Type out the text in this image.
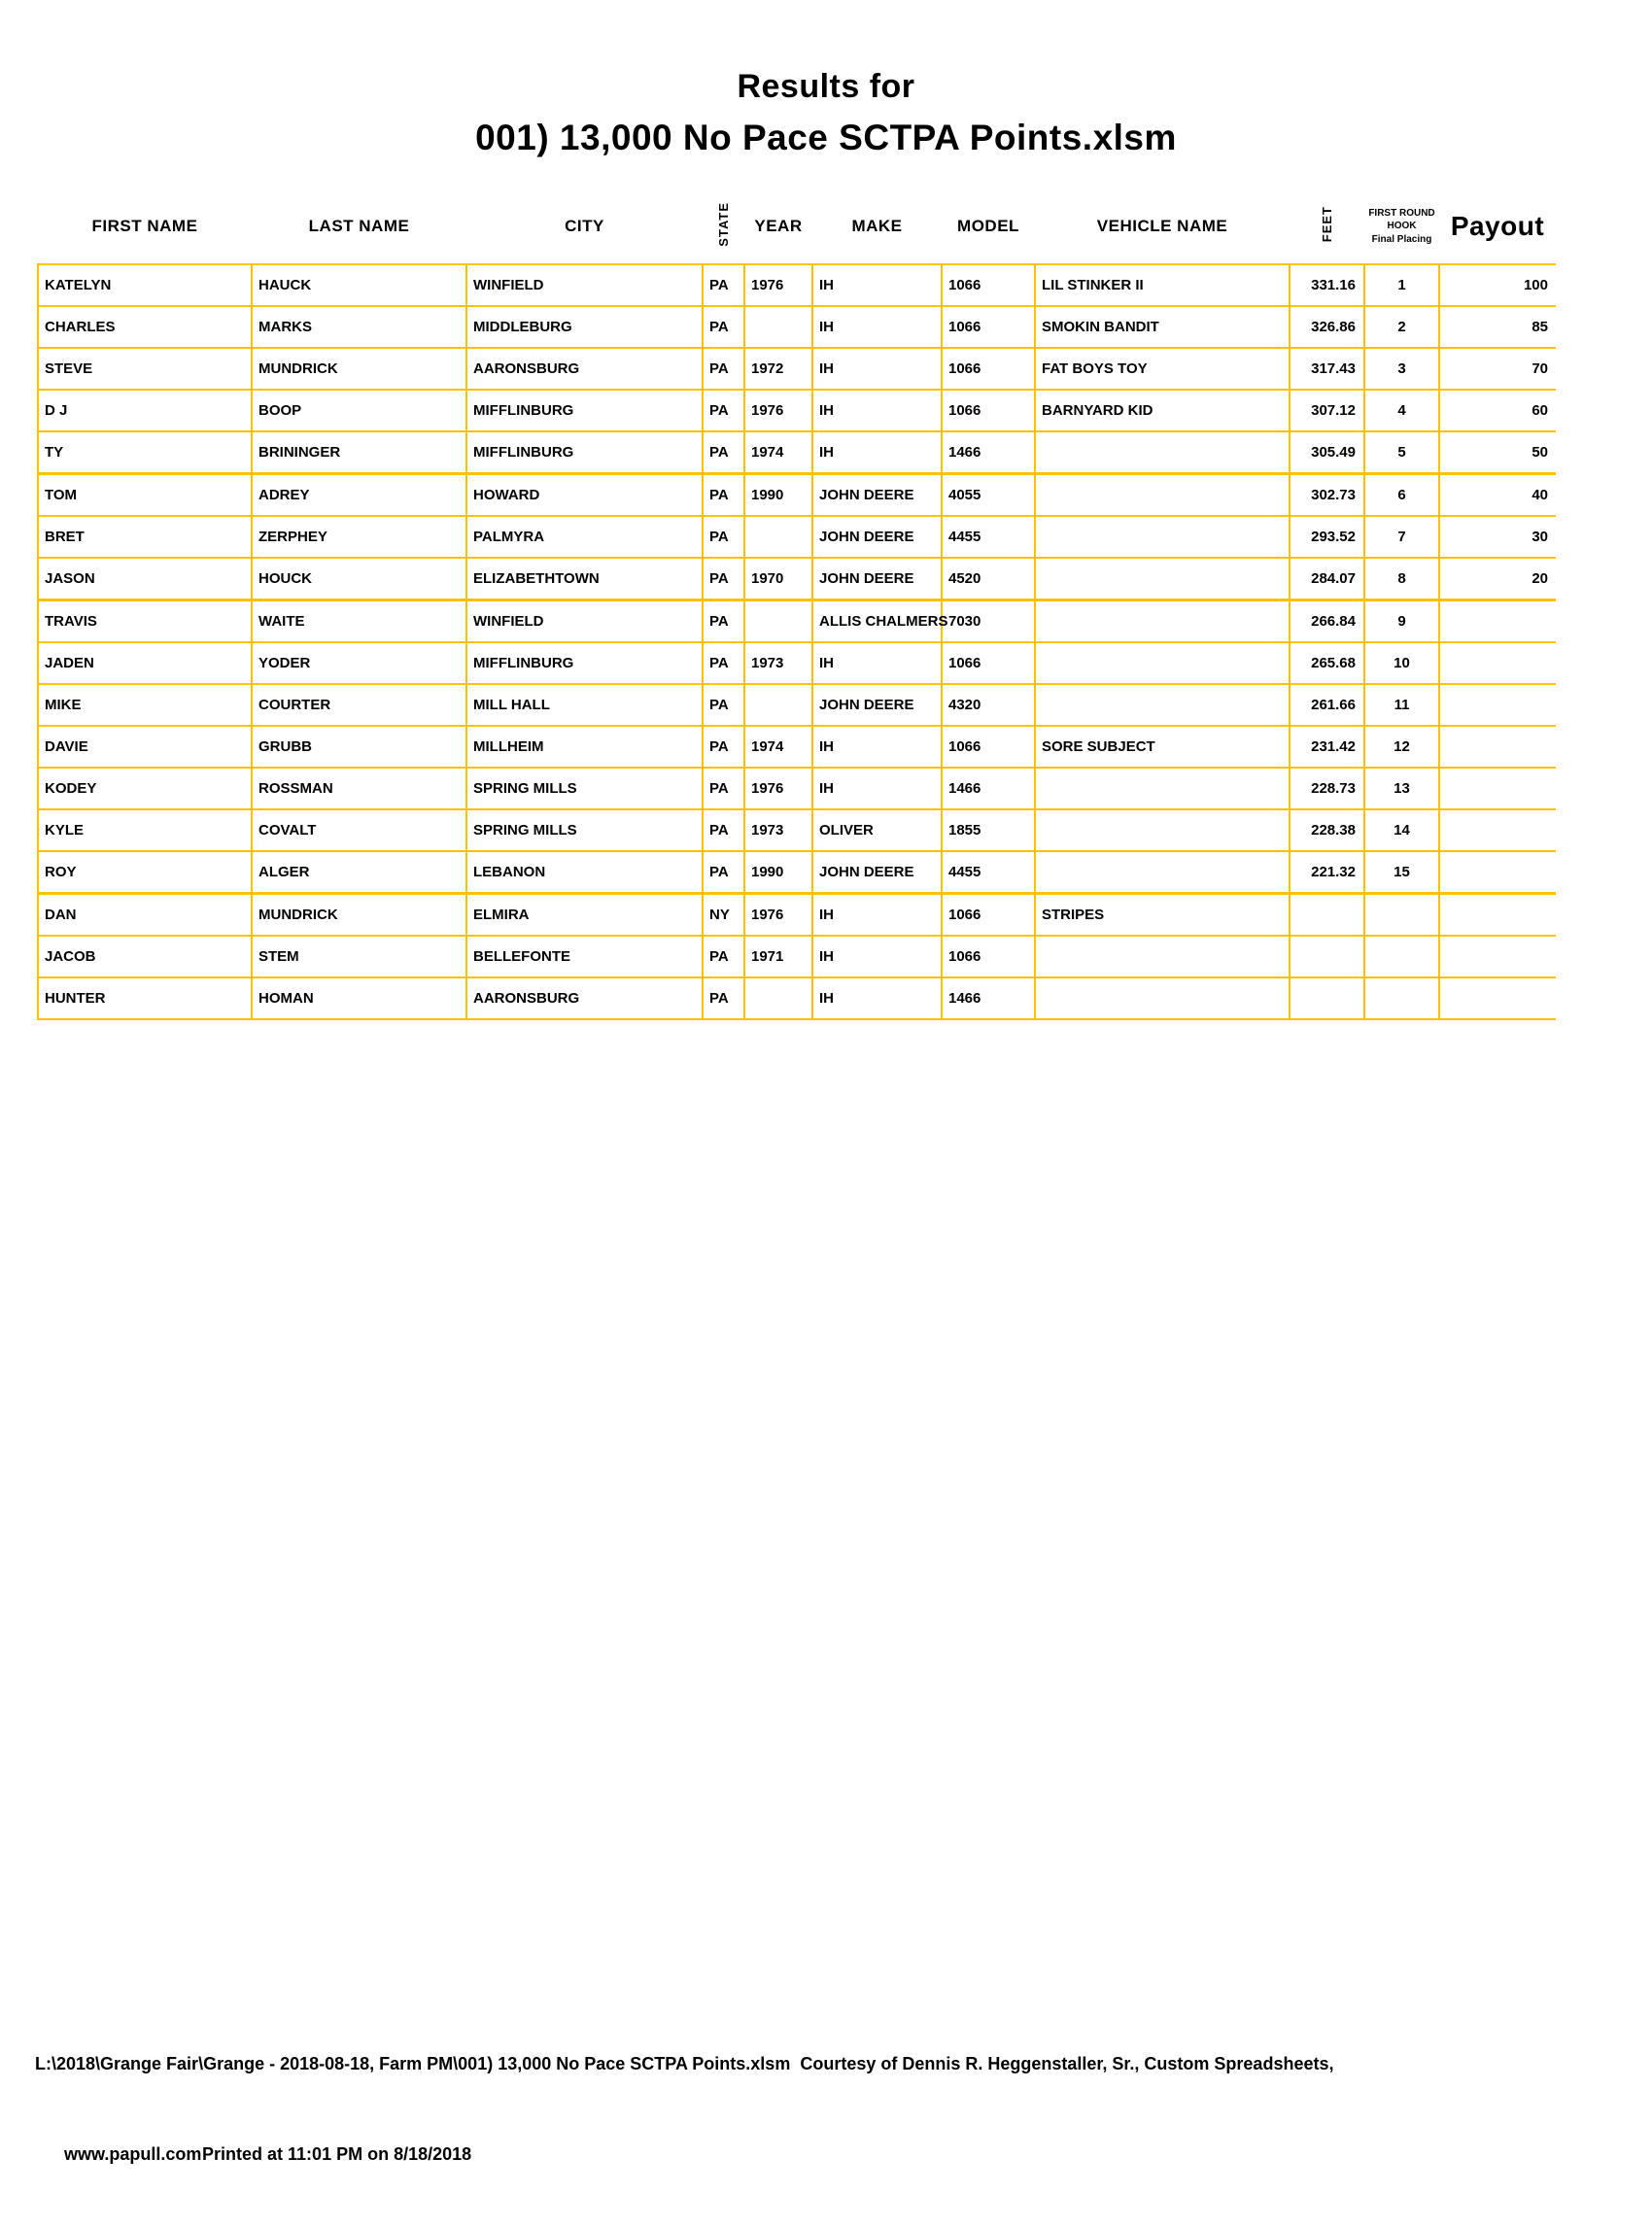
Results for
001) 13,000 No Pace SCTPA Points.xlsm
FIRST NAME	LAST NAME	CITY	STATE	YEAR	MAKE	MODEL	VEHICLE NAME	FEET	FIRST ROUND
HOOK
Final Placing	Payout
KATELYN	HAUCK	WINFIELD	PA	1976	IH	1066	LIL STINKER II	331.16	1	100
CHARLES	MARKS	MIDDLEBURG	PA		IH	1066	SMOKIN BANDIT	326.86	2	85
STEVE	MUNDRICK	AARONSBURG	PA	1972	IH	1066	FAT BOYS TOY	317.43	3	70
D J	BOOP	MIFFLINBURG	PA	1976	IH	1066	BARNYARD KID	307.12	4	60
TY	BRININGER	MIFFLINBURG	PA	1974	IH	1466		305.49	5	50
TOM	ADREY	HOWARD	PA	1990	JOHN DEERE	4055		302.73	6	40
BRET	ZERPHEY	PALMYRA	PA		JOHN DEERE	4455		293.52	7	30
JASON	HOUCK	ELIZABETHTOWN	PA	1970	JOHN DEERE	4520		284.07	8	20
TRAVIS	WAITE	WINFIELD	PA		ALLIS CHALMERS	7030		266.84	9	
JADEN	YODER	MIFFLINBURG	PA	1973	IH	1066		265.68	10	
MIKE	COURTER	MILL HALL	PA		JOHN DEERE	4320		261.66	11	
DAVIE	GRUBB	MILLHEIM	PA	1974	IH	1066	SORE SUBJECT	231.42	12	
KODEY	ROSSMAN	SPRING MILLS	PA	1976	IH	1466		228.73	13	
KYLE	COVALT	SPRING MILLS	PA	1973	OLIVER	1855		228.38	14	
ROY	ALGER	LEBANON	PA	1990	JOHN DEERE	4455		221.32	15	
DAN	MUNDRICK	ELMIRA	NY	1976	IH	1066	STRIPES			
JACOB	STEM	BELLEFONTE	PA	1971	IH	1066				
HUNTER	HOMAN	AARONSBURG	PA		IH	1466				

L:\2018\Grange Fair\Grange - 2018-08-18, Farm PM\001) 13,000 No Pace SCTPA Points.xlsm  Courtesy of Dennis R. Heggenstaller, Sr., Custom Spreadsheets,

www.papull.comPrinted at 11:01 PM on 8/18/2018
